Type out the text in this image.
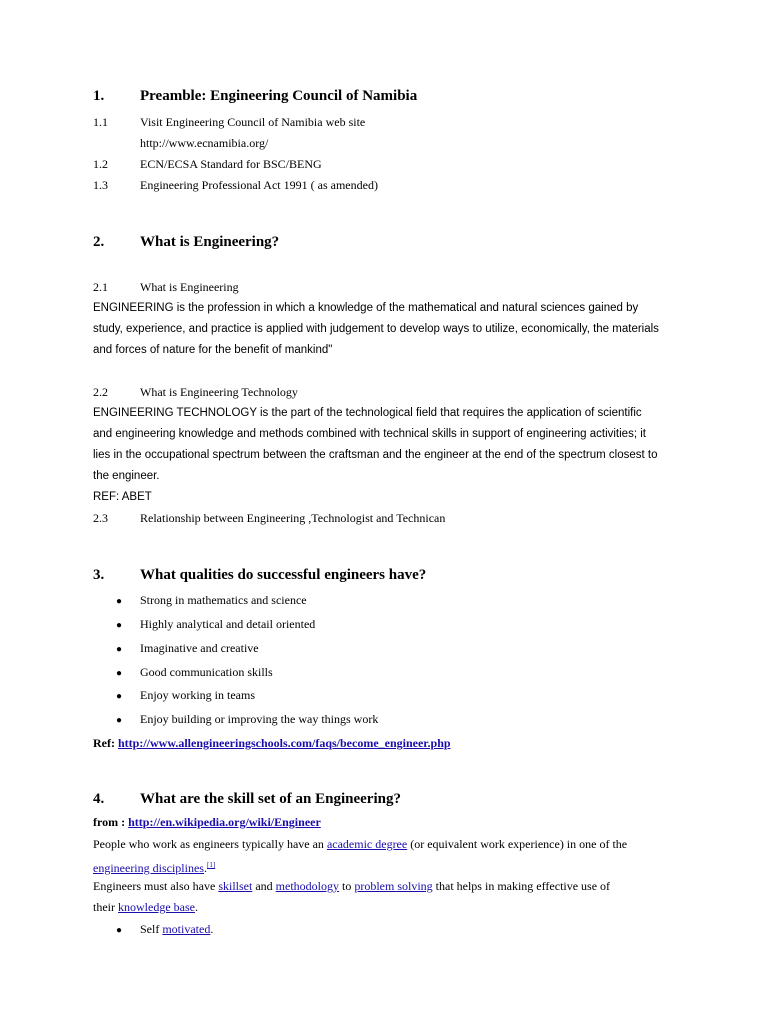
1. Preamble: Engineering Council of Namibia
1.1	Visit Engineering Council of Namibia web site
http://www.ecnamibia.org/
1.2	ECN/ECSA Standard for BSC/BENG
1.3	Engineering Professional Act 1991 ( as amended)
2. What is Engineering?
2.1	What is Engineering
ENGINEERING is the profession in which a knowledge of the mathematical and natural sciences gained by
study, experience, and practice is applied with judgement to develop ways to utilize, economically, the materials
and forces of nature for the benefit of mankind"
2.2	What is Engineering Technology
ENGINEERING TECHNOLOGY is the part of the technological field that requires the application of scientific
and engineering knowledge and methods combined with technical skills in support of engineering activities; it
lies in the occupational spectrum between the craftsman and the engineer at the end of the spectrum closest to
the engineer.
REF: ABET
2.3	Relationship between Engineering ,Technologist and Technican
3. What qualities do successful engineers have?
● Strong in mathematics and science
● Highly analytical and detail oriented
● Imaginative and creative
● Good communication skills
● Enjoy working in teams
● Enjoy building or improving the way things work
Ref: http://www.allengineeringschools.com/faqs/become_engineer.php
4. What are the skill set of an Engineering?
from : http://en.wikipedia.org/wiki/Engineer
People who work as engineers typically have an academic degree (or equivalent work experience) in one of the
engineering disciplines.[1]
Engineers must also have skillset and methodology to problem solving that helps in making effective use of
their knowledge base.
● Self motivated.
